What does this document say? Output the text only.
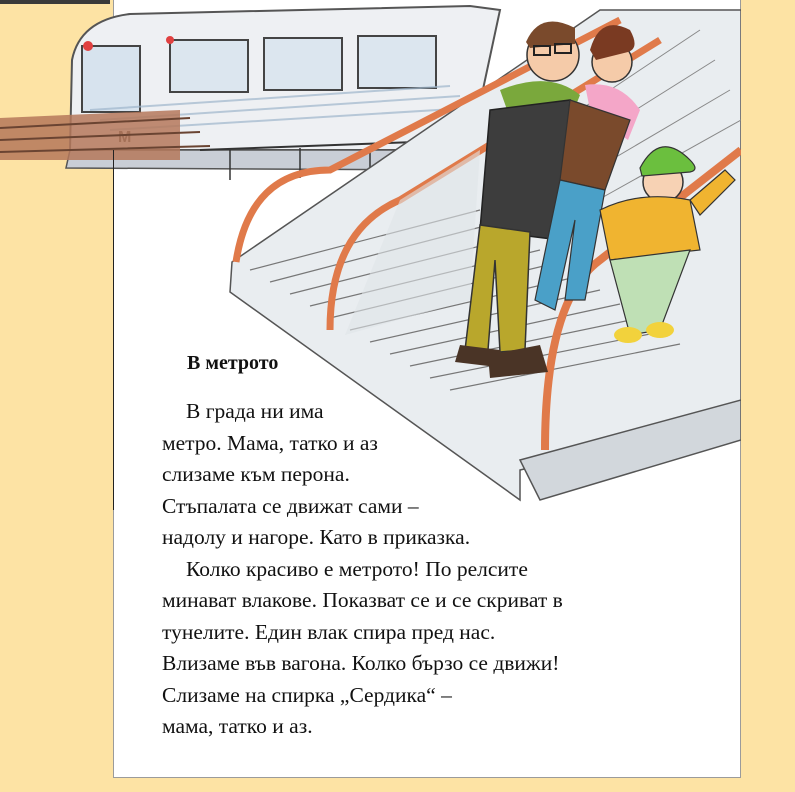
В метрото
В града ни има
метро. Мама, татко и аз
слизаме към перона.
Стъпалата се движат сами –
надолу и нагоре. Като в приказка.
Колко красиво е метрото! По релсите
минават влакове. Показват се и се скриват в
тунелите. Един влак спира пред нас.
Влизаме във вагона. Колко бързо се движи!
Слизаме на спирка „Сердика“ –
мама, татко и аз.
